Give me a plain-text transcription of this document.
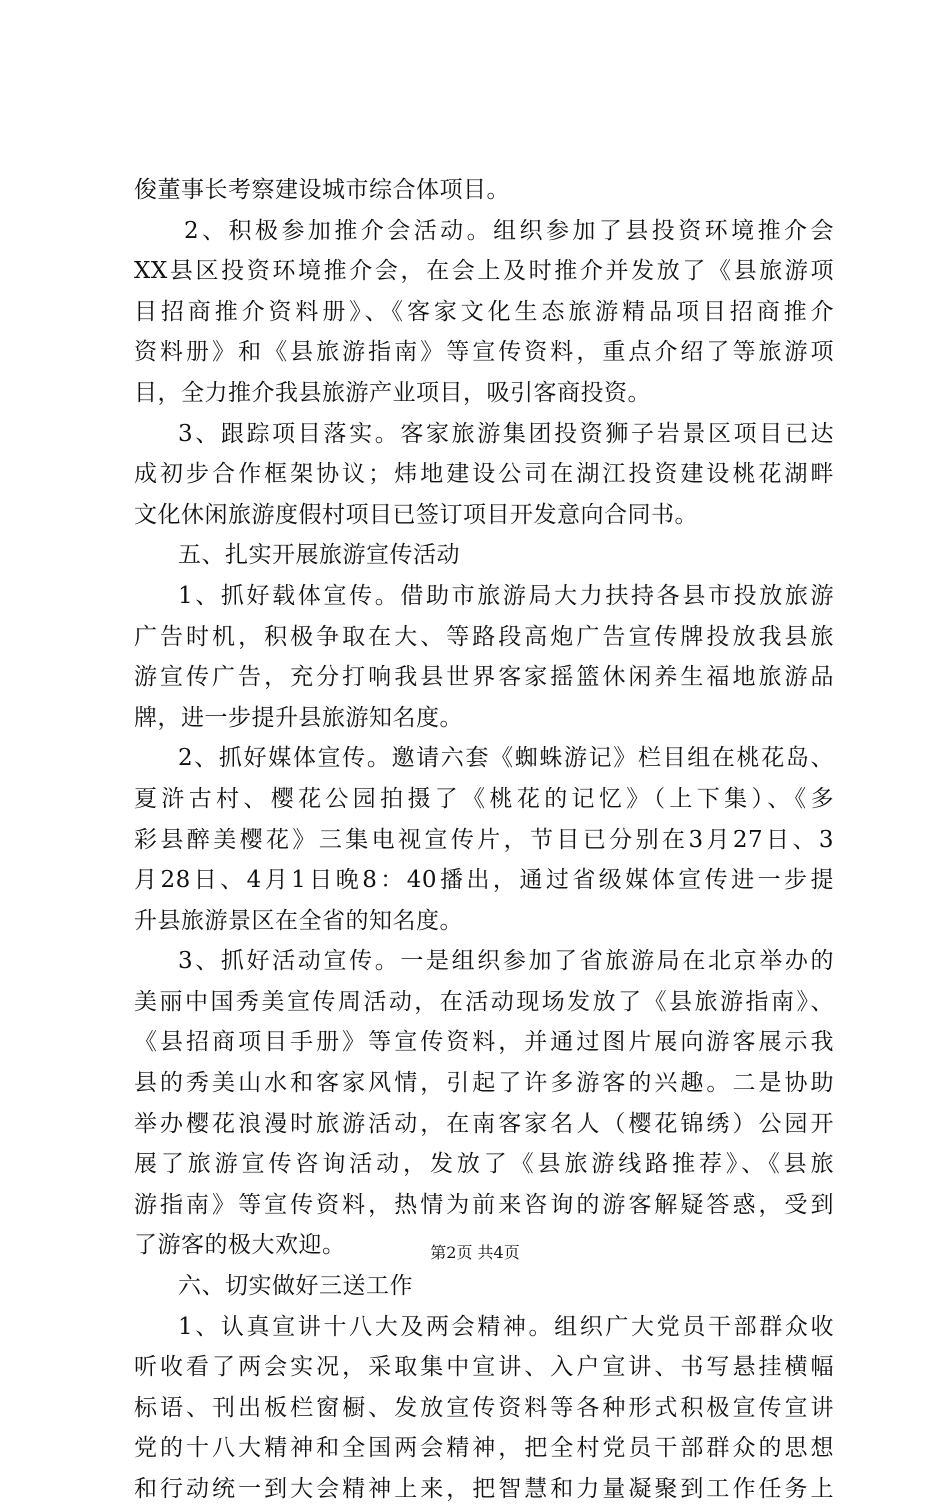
俊董事长考察建设城市综合体项目。
2、积极参加推介会活动。组织参加了县投资环境推介会
XX县区投资环境推介会，在会上及时推介并发放了《县旅游项
目招商推介资料册》、《客家文化生态旅游精品项目招商推介
资料册》和《县旅游指南》等宣传资料，重点介绍了等旅游项
目，全力推介我县旅游产业项目，吸引客商投资。
3、跟踪项目落实。客家旅游集团投资狮子岩景区项目已达
成初步合作框架协议；炜地建设公司在湖江投资建设桃花湖畔
文化休闲旅游度假村项目已签订项目开发意向合同书。
五、扎实开展旅游宣传活动
1、抓好载体宣传。借助市旅游局大力扶持各县市投放旅游
广告时机，积极争取在大、等路段高炮广告宣传牌投放我县旅
游宣传广告，充分打响我县世界客家摇篮休闲养生福地旅游品
牌，进一步提升县旅游知名度。
2、抓好媒体宣传。邀请六套《蜘蛛游记》栏目组在桃花岛、
夏浒古村、樱花公园拍摄了《桃花的记忆》（上下集）、《多
彩县醉美樱花》三集电视宣传片，节目已分别在3月27日、3
月28日、4月1日晚8：40播出，通过省级媒体宣传进一步提
升县旅游景区在全省的知名度。
3、抓好活动宣传。一是组织参加了省旅游局在北京举办的
美丽中国秀美宣传周活动，在活动现场发放了《县旅游指南》、
《县招商项目手册》等宣传资料，并通过图片展向游客展示我
县的秀美山水和客家风情，引起了许多游客的兴趣。二是协助
举办樱花浪漫时旅游活动，在南客家名人（樱花锦绣）公园开
展了旅游宣传咨询活动，发放了《县旅游线路推荐》、《县旅
游指南》等宣传资料，热情为前来咨询的游客解疑答惑，受到
了游客的极大欢迎。
六、切实做好三送工作
1、认真宣讲十八大及两会精神。组织广大党员干部群众收
听收看了两会实况，采取集中宣讲、入户宣讲、书写悬挂横幅
标语、刊出板栏窗橱、发放宣传资料等各种形式积极宣传宣讲
党的十八大精神和全国两会精神，把全村党员干部群众的思想
和行动统一到大会精神上来，把智慧和力量凝聚到工作任务上
第2页 共4页
